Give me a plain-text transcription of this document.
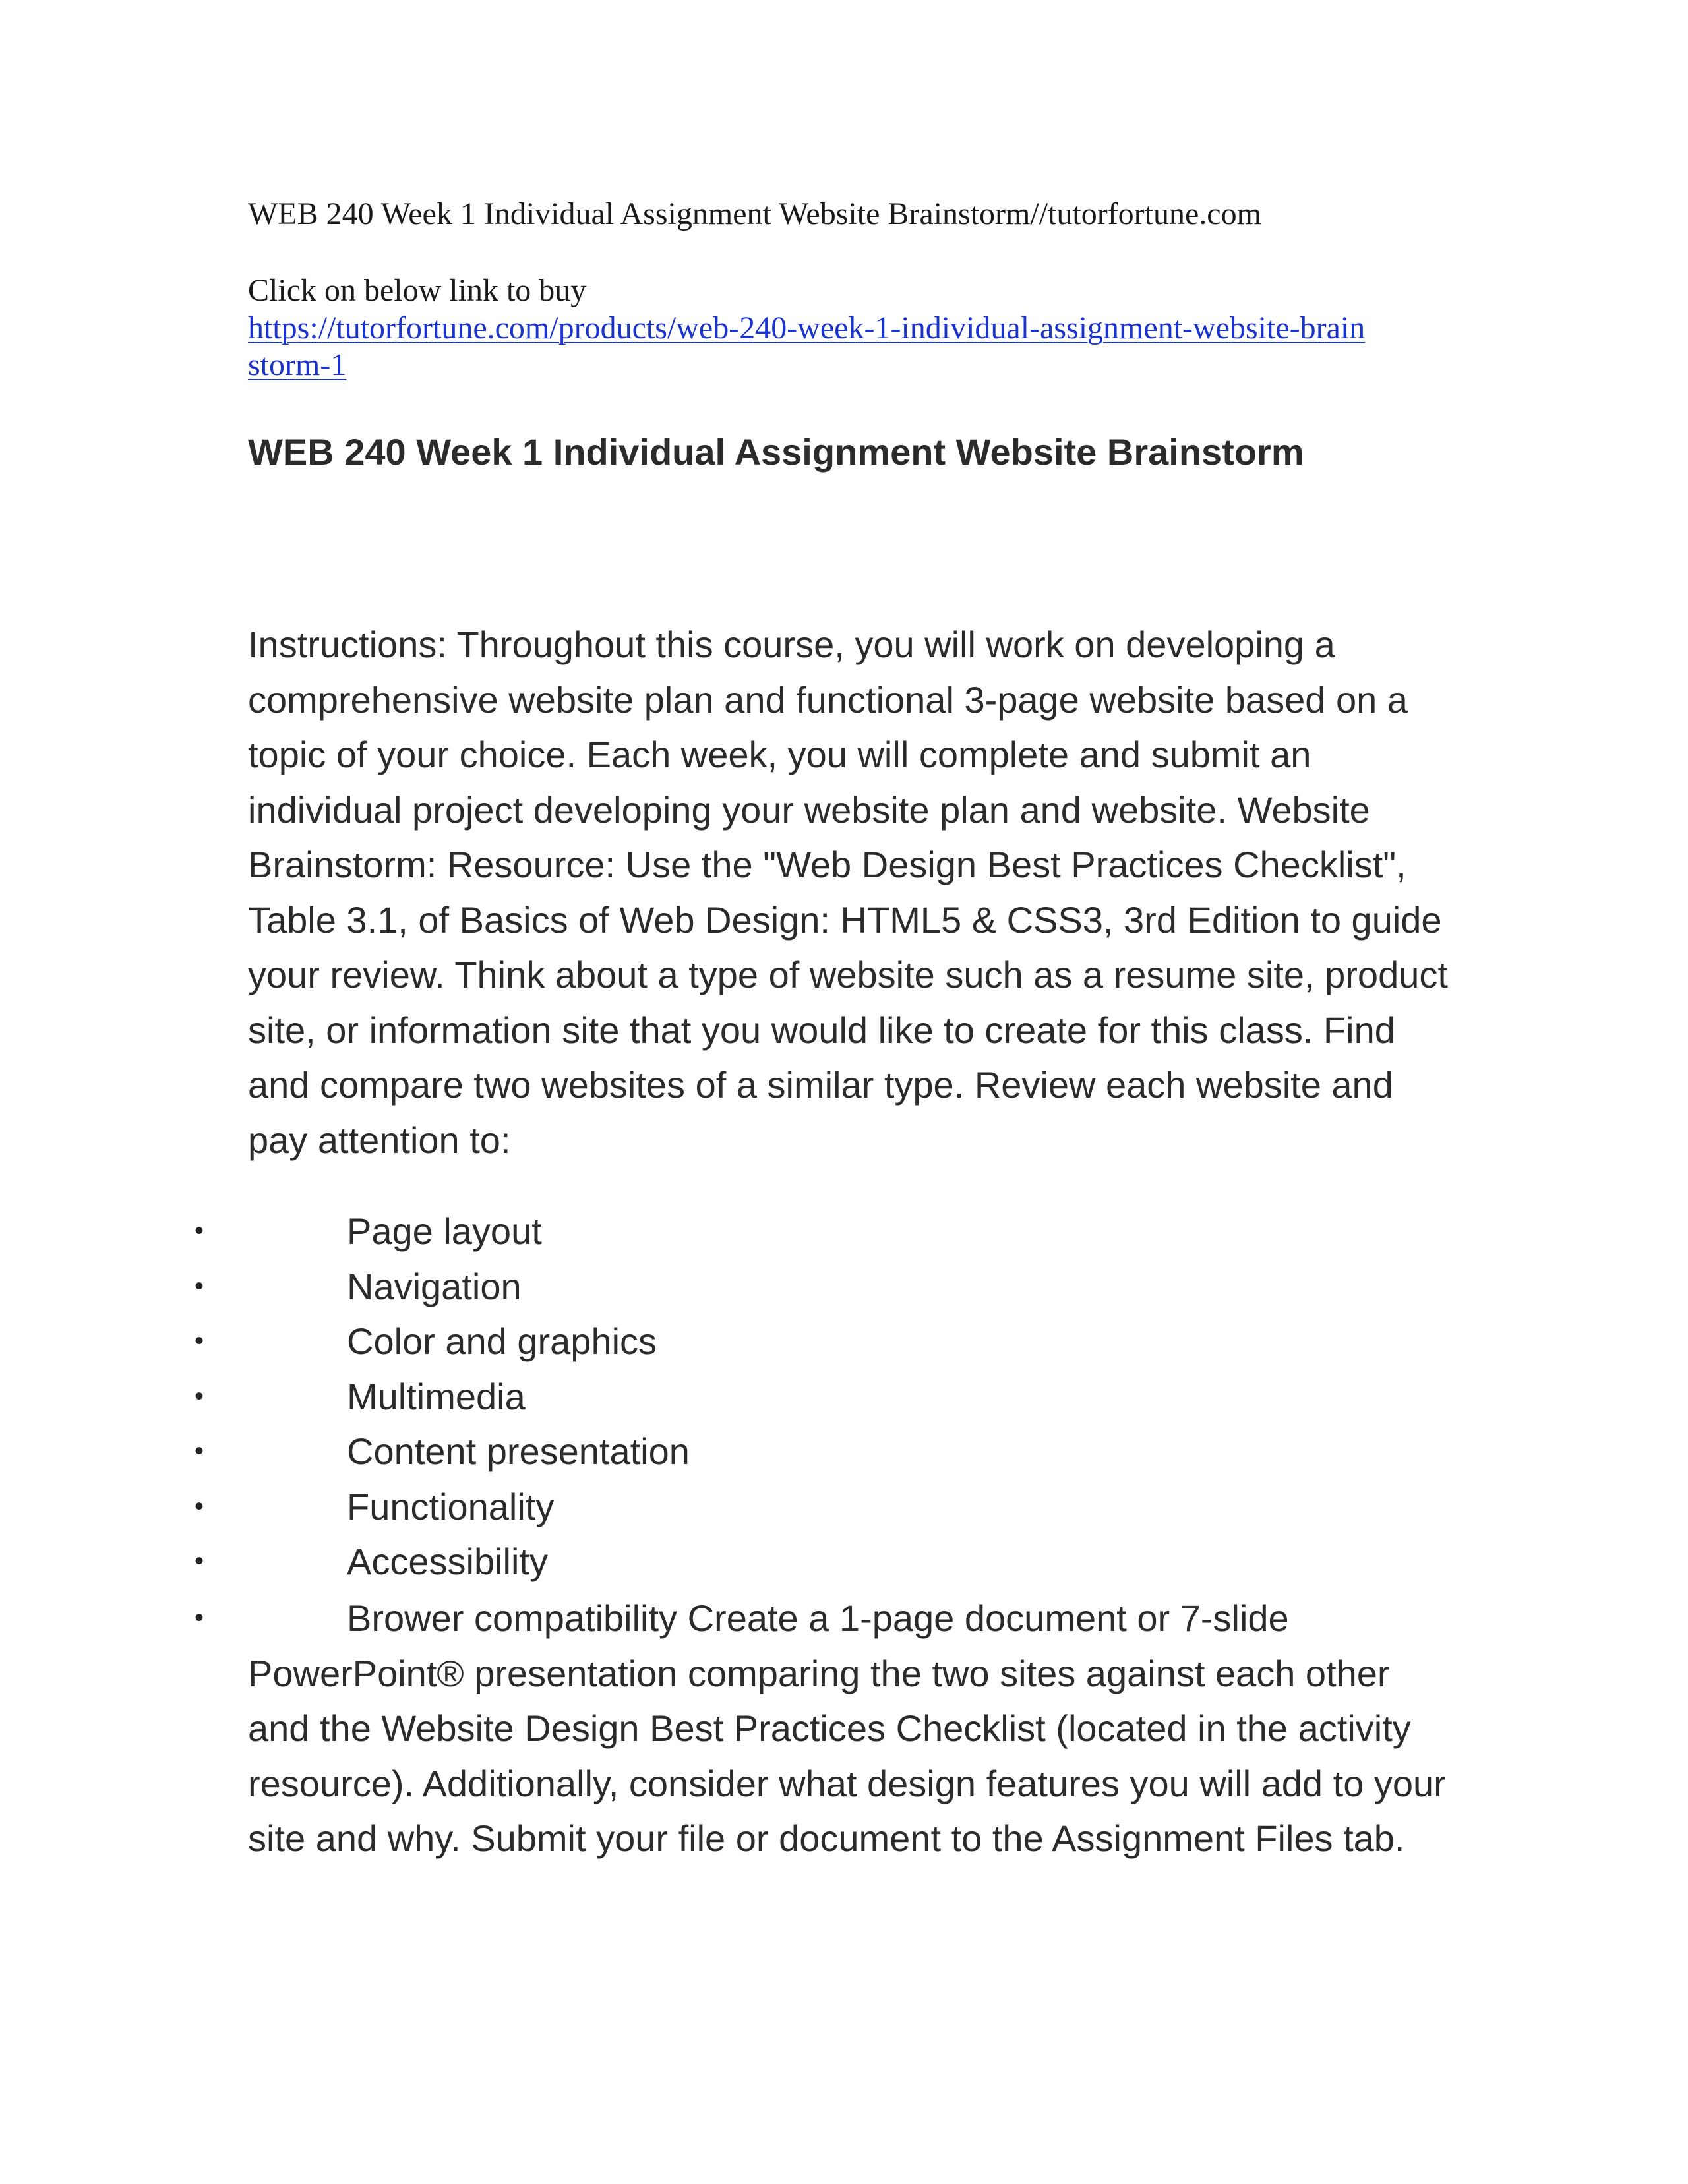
WEB 240 Week 1 Individual Assignment Website Brainstorm//tutorfortune.com
Click on below link to buy
https://tutorfortune.com/products/web-240-week-1-individual-assignment-website-brainstorm-1
WEB 240 Week 1 Individual Assignment Website Brainstorm

Instructions: Throughout this course, you will work on developing a comprehensive website plan and functional 3-page website based on a topic of your choice. Each week, you will complete and submit an individual project developing your website plan and website. Website Brainstorm: Resource: Use the "Web Design Best Practices Checklist", Table 3.1, of Basics of Web Design: HTML5 & CSS3, 3rd Edition to guide your review. Think about a type of website such as a resume site, product site, or information site that you would like to create for this class. Find and compare two websites of a similar type. Review each website and pay attention to:

•	Page layout
•	Navigation
•	Color and graphics
•	Multimedia
•	Content presentation
•	Functionality
•	Accessibility
•	Brower compatibility Create a 1-page document or 7-slide PowerPoint® presentation comparing the two sites against each other and the Website Design Best Practices Checklist (located in the activity resource). Additionally, consider what design features you will add to your site and why. Submit your file or document to the Assignment Files tab.
